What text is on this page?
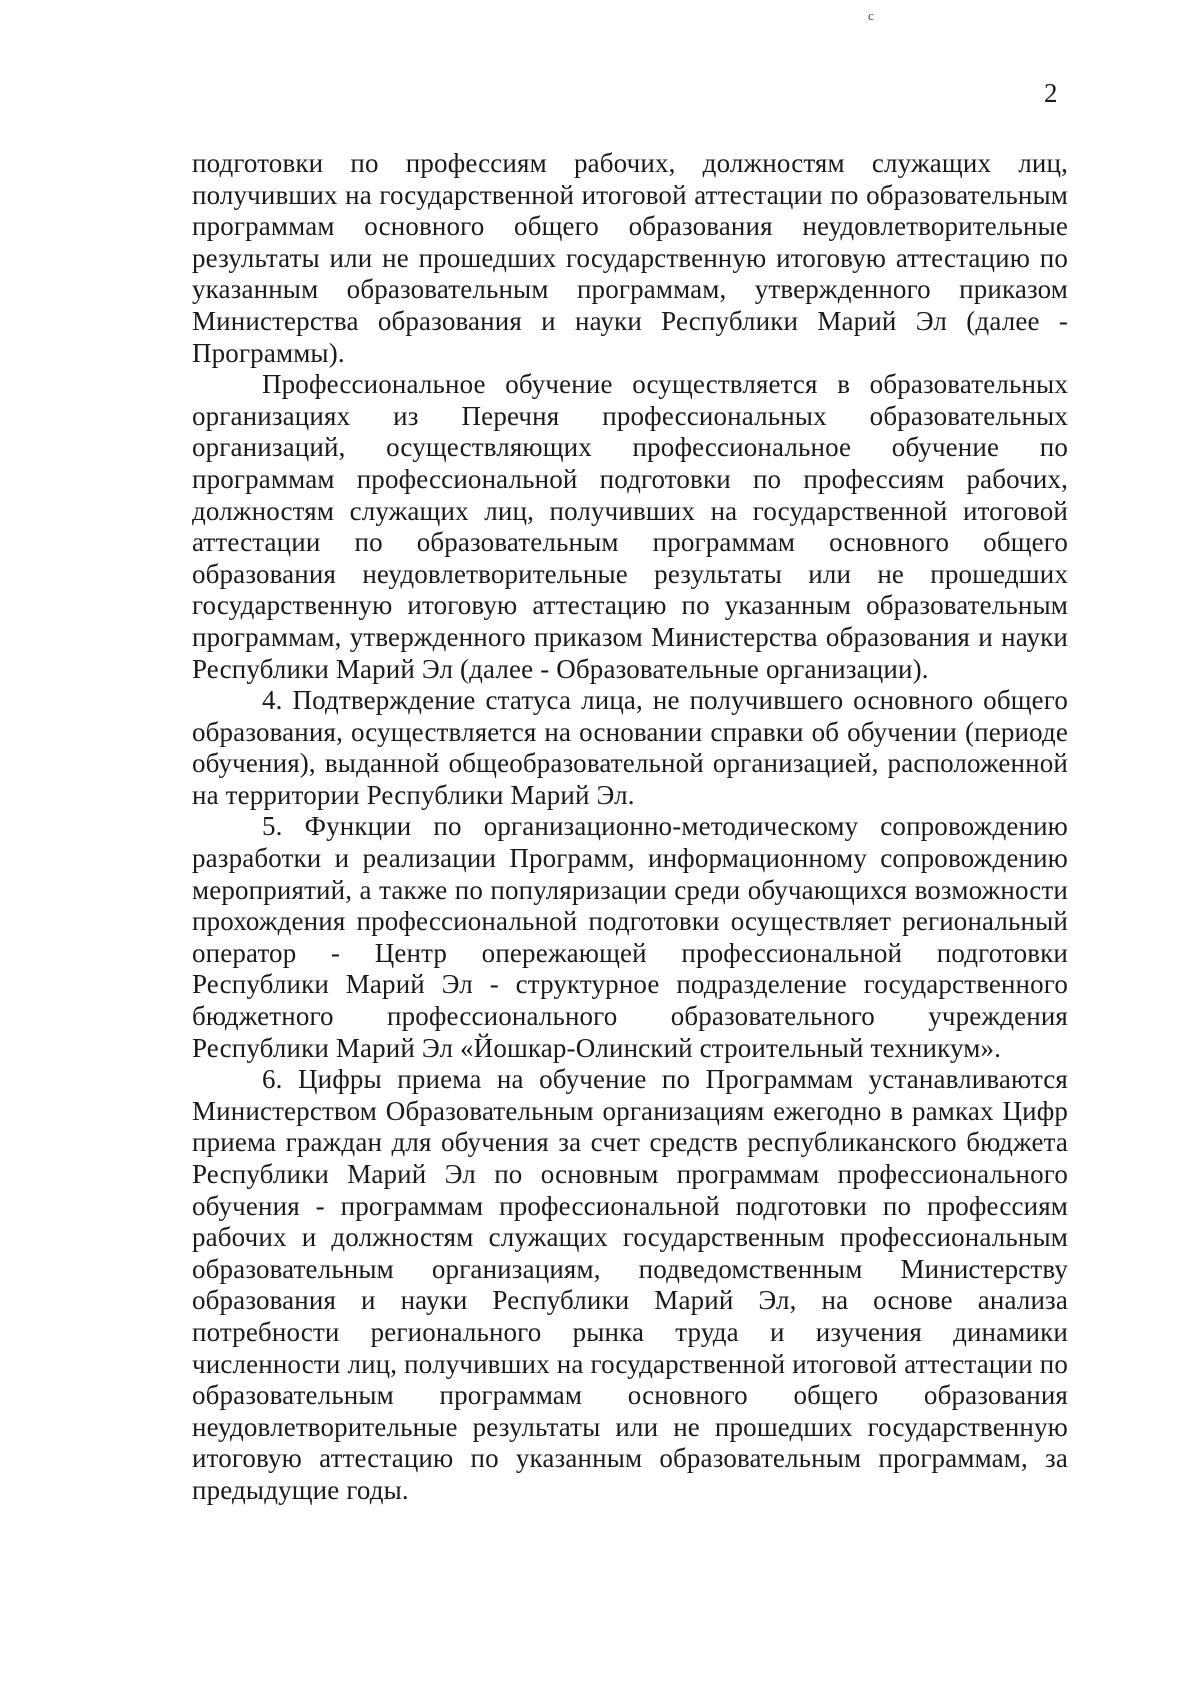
c
2

подготовки по профессиям рабочих, должностям служащих лиц, получивших на государственной итоговой аттестации по образовательным программам основного общего образования неудовлетворительные результаты или не прошедших государственную итоговую аттестацию по указанным образовательным программам, утвержденного приказом Министерства образования и науки Республики Марий Эл (далее - Программы).

Профессиональное обучение осуществляется в образовательных организациях из Перечня профессиональных образовательных организаций, осуществляющих профессиональное обучение по программам профессиональной подготовки по профессиям рабочих, должностям служащих лиц, получивших на государственной итоговой аттестации по образовательным программам основного общего образования неудовлетворительные результаты или не прошедших государственную итоговую аттестацию по указанным образовательным программам, утвержденного приказом Министерства образования и науки Республики Марий Эл (далее - Образовательные организации).

4. Подтверждение статуса лица, не получившего основного общего образования, осуществляется на основании справки об обучении (периоде обучения), выданной общеобразовательной организацией, расположенной на территории Республики Марий Эл.

5. Функции по организационно-методическому сопровождению разработки и реализации Программ, информационному сопровождению мероприятий, а также по популяризации среди обучающихся возможности прохождения профессиональной подготовки осуществляет региональный оператор - Центр опережающей профессиональной подготовки Республики Марий Эл - структурное подразделение государственного бюджетного профессионального образовательного учреждения Республики Марий Эл «Йошкар-Олинский строительный техникум».

6. Цифры приема на обучение по Программам устанавливаются Министерством Образовательным организациям ежегодно в рамках Цифр приема граждан для обучения за счет средств республиканского бюджета Республики Марий Эл по основным программам профессионального обучения - программам профессиональной подготовки по профессиям рабочих и должностям служащих государственным профессиональным образовательным организациям, подведомственным Министерству образования и науки Республики Марий Эл, на основе анализа потребности регионального рынка труда и изучения динамики численности лиц, получивших на государственной итоговой аттестации по образовательным программам основного общего образования неудовлетворительные результаты или не прошедших государственную итоговую аттестацию по указанным образовательным программам, за предыдущие годы.
